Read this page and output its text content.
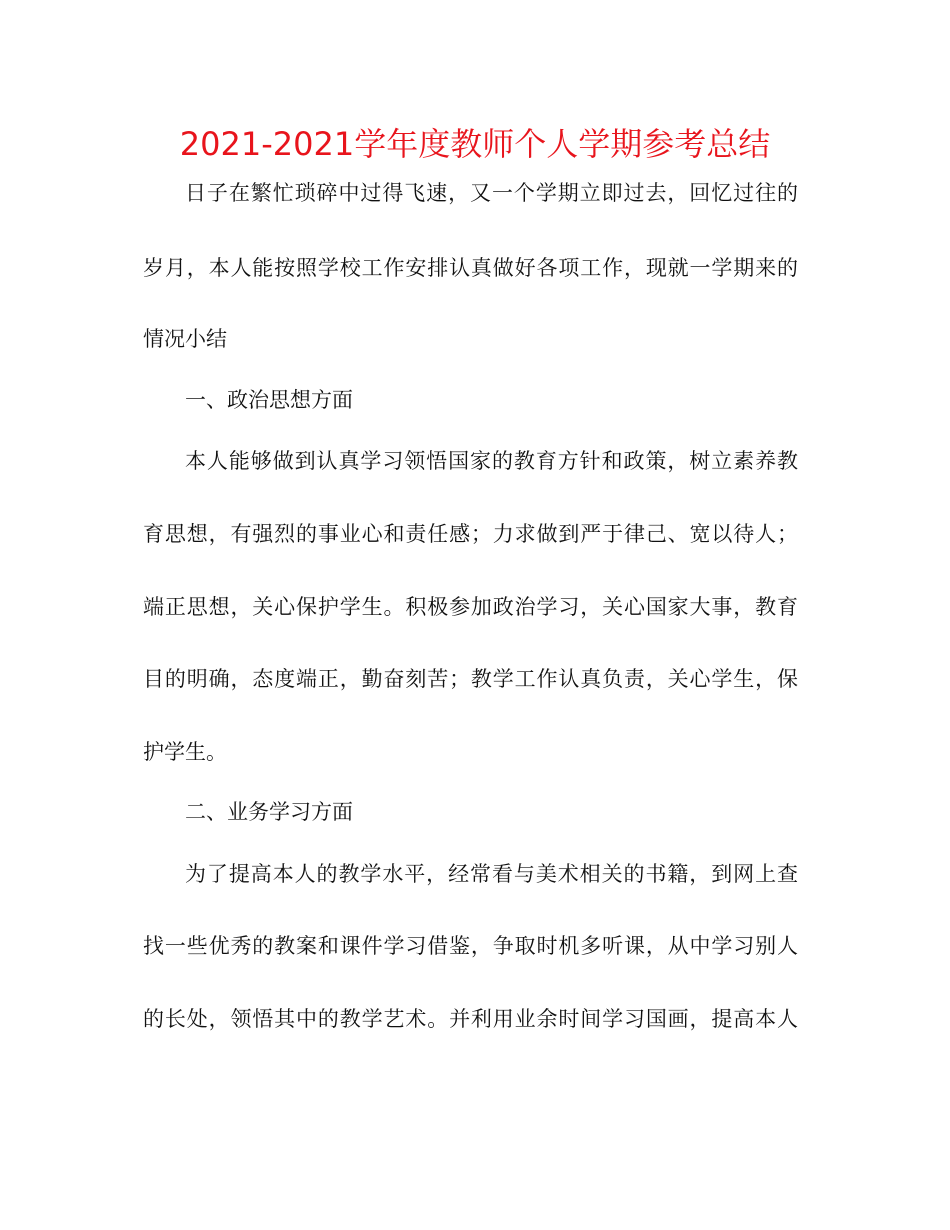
2021-2021学年度教师个人学期参考总结
日子在繁忙琐碎中过得飞速，又一个学期立即过去，回忆过往的
岁月，本人能按照学校工作安排认真做好各项工作，现就一学期来的
情况小结
一、政治思想方面
本人能够做到认真学习领悟国家的教育方针和政策，树立素养教
育思想，有强烈的事业心和责任感；力求做到严于律己、宽以待人；
端正思想，关心保护学生。积极参加政治学习，关心国家大事，教育
目的明确，态度端正，勤奋刻苦；教学工作认真负责，关心学生，保
护学生。
二、业务学习方面
为了提高本人的教学水平，经常看与美术相关的书籍，到网上查
找一些优秀的教案和课件学习借鉴，争取时机多听课，从中学习别人
的长处，领悟其中的教学艺术。并利用业余时间学习国画，提高本人
